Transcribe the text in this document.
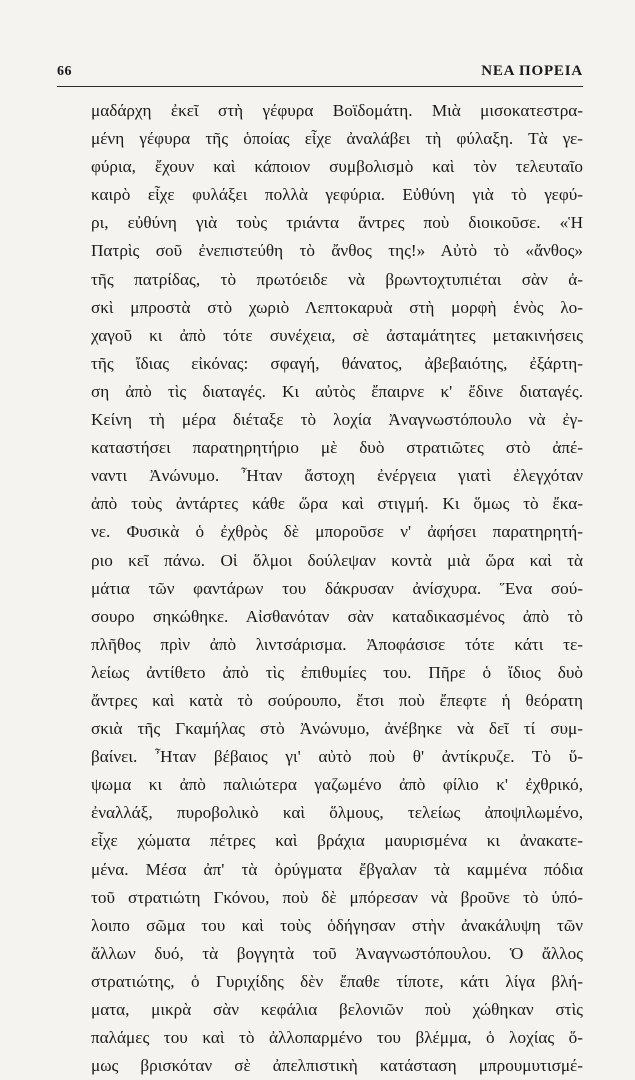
66	ΝΕΑ ΠΟΡΕΙΑ
μαδάρχη ἐκεῖ στὴ γέφυρα Βοϊδομάτη. Μιὰ μισοκατεστρα-
μένη γέφυρα τῆς ὁποίας εἶχε ἀναλάβει τὴ φύλαξη. Τὰ γε-
φύρια, ἔχουν καὶ κάποιον συμβολισμὸ καὶ τὸν τελευταῖο
καιρὸ εἶχε φυλάξει πολλὰ γεφύρια. Εὐθύνη γιὰ τὸ γεφύ-
ρι, εὐθύνη γιὰ τοὺς τριάντα ἄντρες ποὺ διοικοῦσε. «Ἡ
Πατρὶς σοῦ ἐνεπιστεύθη τὸ ἄνθος της!» Αὐτὸ τὸ «ἄνθος»
τῆς πατρίδας, τὸ πρωτόειδε νὰ βρωντοχτυπιέται σὰν ἀ-
σκὶ μπροστὰ στὸ χωριὸ Λεπτοκαρυὰ στὴ μορφὴ ἑνὸς λο-
χαγοῦ κι ἀπὸ τότε συνέχεια, σὲ ἀσταμάτητες μετακινήσεις
τῆς ἴδιας εἰκόνας: σφαγή, θάνατος, ἀβεβαιότης, ἐξάρτη-
ση ἀπὸ τὶς διαταγές. Κι αὐτὸς ἔπαιρνε κ' ἔδινε διαταγές.
Κείνη τὴ μέρα διέταξε τὸ λοχία Ἀναγνωστόπουλο νὰ ἐγ-
καταστήσει παρατηρητήριο μὲ δυὸ στρατιῶτες στὸ ἀπέ-
ναντι Ἀνώνυμο. Ἦταν ἄστοχη ἐνέργεια γιατὶ ἐλεγχόταν
ἀπὸ τοὺς ἀντάρτες κάθε ὥρα καὶ στιγμή. Κι ὅμως τὸ ἔκα-
νε. Φυσικὰ ὁ ἐχθρὸς δὲ μποροῦσε ν' ἀφήσει παρατηρητή-
ριο κεῖ πάνω. Οἱ ὅλμοι δούλεψαν κοντὰ μιὰ ὥρα καὶ τὰ
μάτια τῶν φαντάρων του δάκρυσαν ἀνίσχυρα. Ἕνα σού-
σουρο σηκώθηκε. Αἰσθανόταν σὰν καταδικασμένος ἀπὸ τὸ
πλῆθος πρὶν ἀπὸ λιντσάρισμα. Ἀποφάσισε τότε κάτι τε-
λείως ἀντίθετο ἀπὸ τὶς ἐπιθυμίες του. Πῆρε ὁ ἴδιος δυὸ
ἄντρες καὶ κατὰ τὸ σούρουπο, ἔτσι ποὺ ἔπεφτε ἡ θεόρατη
σκιὰ τῆς Γκαμήλας στὸ Ἀνώνυμο, ἀνέβηκε νὰ δεῖ τί συμ-
βαίνει. Ἦταν βέβαιος γι' αὐτὸ ποὺ θ' ἀντίκρυζε. Τὸ ὕ-
ψωμα κι ἀπὸ παλιώτερα γαζωμένο ἀπὸ φίλιο κ' ἐχθρικό,
ἐναλλάξ, πυροβολικὸ καὶ ὅλμους, τελείως ἀποψιλωμένο,
εἶχε χώματα πέτρες καὶ βράχια μαυρισμένα κι ἀνακατε-
μένα. Μέσα ἀπ' τὰ ὀρύγματα ἔβγαλαν τὰ καμμένα πόδια
τοῦ στρατιώτη Γκόνου, ποὺ δὲ μπόρεσαν νὰ βροῦνε τὸ ὑπό-
λοιπο σῶμα του καὶ τοὺς ὁδήγησαν στὴν ἀνακάλυψη τῶν
ἄλλων δυό, τὰ βογγητὰ τοῦ Ἀναγνωστόπουλου. Ὁ ἄλλος
στρατιώτης, ὁ Γυριχίδης δὲν ἔπαθε τίποτε, κάτι λίγα βλή-
ματα, μικρὰ σὰν κεφάλια βελονιῶν ποὺ χώθηκαν στὶς
παλάμες του καὶ τὸ ἀλλοπαρμένο του βλέμμα, ὁ λοχίας ὅ-
μως βρισκόταν σὲ ἀπελπιστικὴ κατάσταση μπρουμυτισμέ-
